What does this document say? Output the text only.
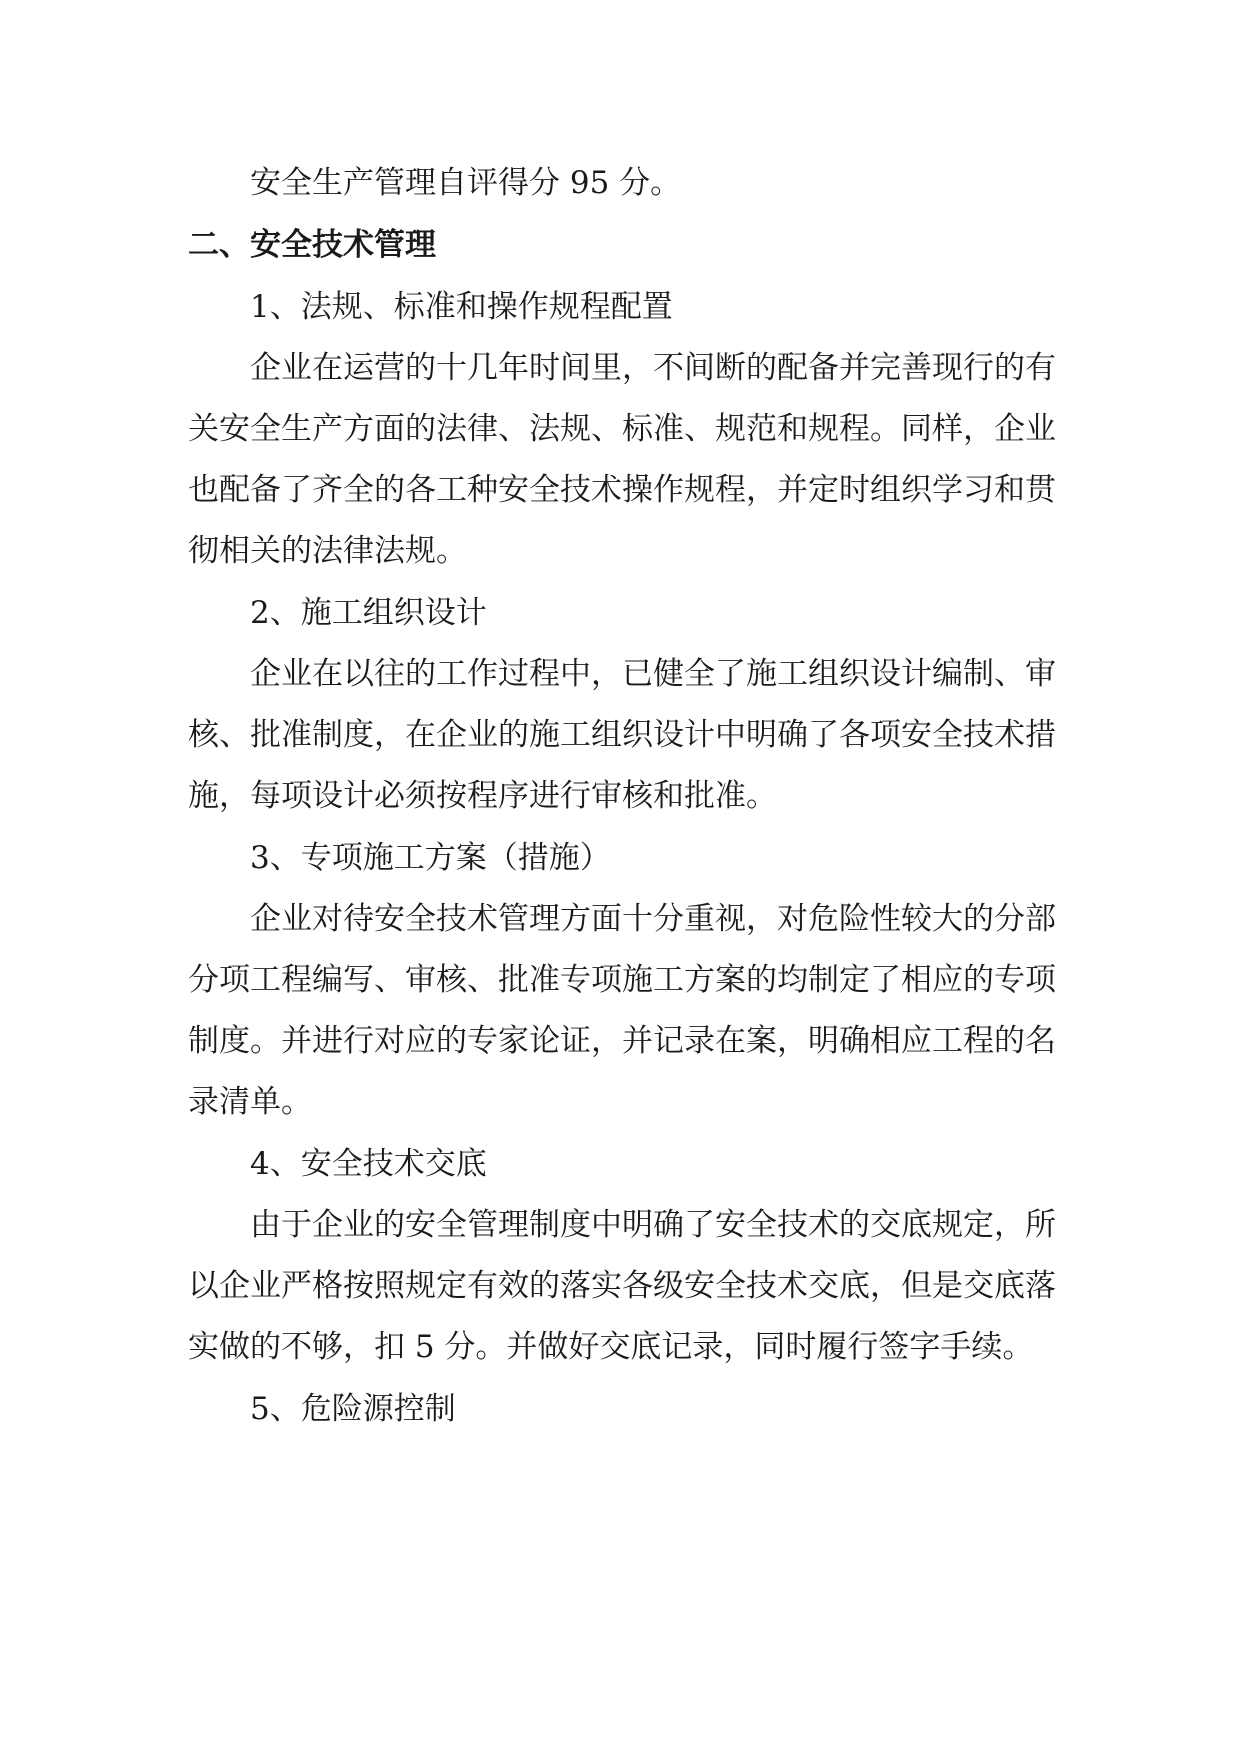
安全生产管理自评得分 95 分。

二、安全技术管理

1、法规、标准和操作规程配置

企业在运营的十几年时间里，不间断的配备并完善现行的有关安全生产方面的法律、法规、标准、规范和规程。同样，企业也配备了齐全的各工种安全技术操作规程，并定时组织学习和贯彻相关的法律法规。

2、施工组织设计

企业在以往的工作过程中，已健全了施工组织设计编制、审核、批准制度，在企业的施工组织设计中明确了各项安全技术措施，每项设计必须按程序进行审核和批准。

3、专项施工方案（措施）

企业对待安全技术管理方面十分重视，对危险性较大的分部分项工程编写、审核、批准专项施工方案的均制定了相应的专项制度。并进行对应的专家论证，并记录在案，明确相应工程的名录清单。

4、安全技术交底

由于企业的安全管理制度中明确了安全技术的交底规定，所以企业严格按照规定有效的落实各级安全技术交底，但是交底落实做的不够，扣 5 分。并做好交底记录，同时履行签字手续。

5、危险源控制
